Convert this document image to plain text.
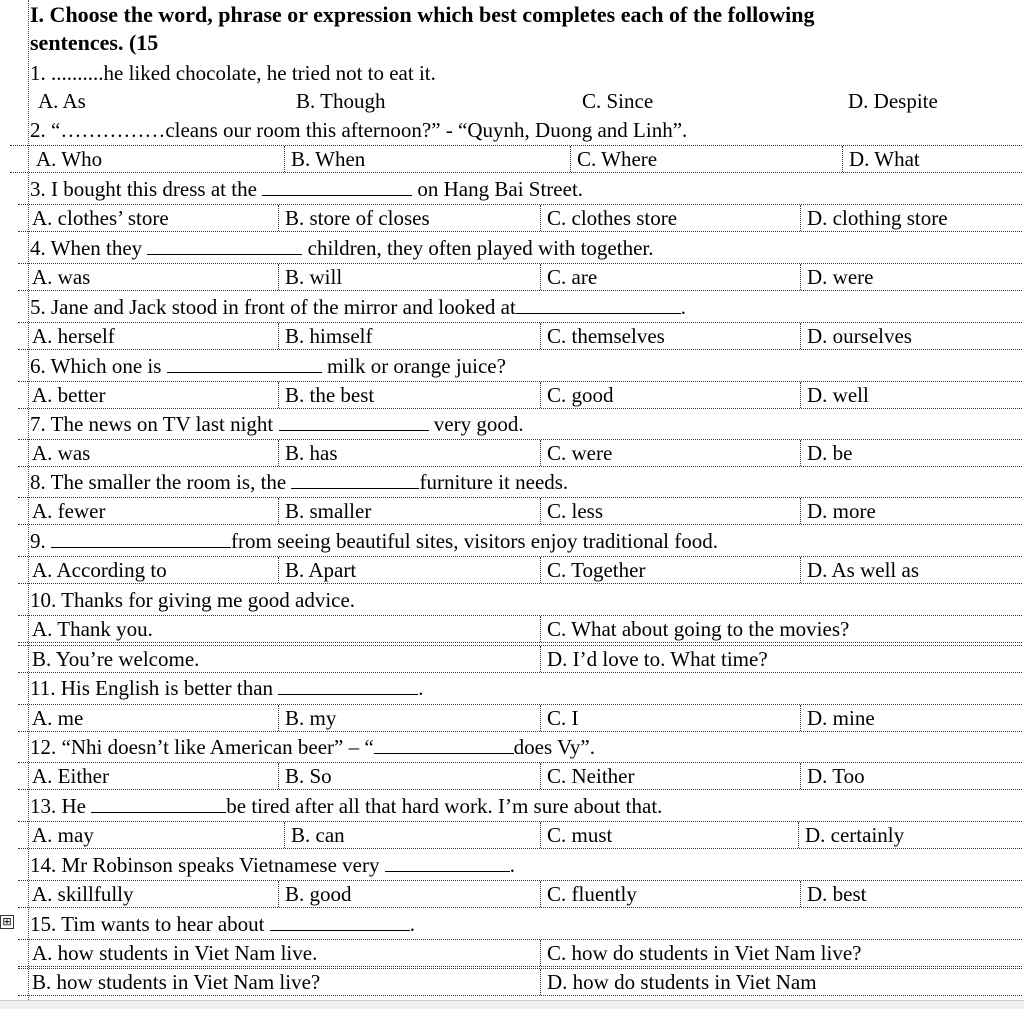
I. Choose the word, phrase or expression which best completes each of the following
sentences. (15
1. ..........he liked chocolate, he tried not to eat it.
A. As	B. Though	C. Since	D. Despite
2. “……………cleans our room this afternoon?” - “Quynh, Duong and Linh”.
A. Who	B. When	C. Where	D. What
3. I bought this dress at the	on Hang Bai Street.
A. clothes’ store	B. store of closes	C. clothes store	D. clothing store
4. When they	children, they often played with together.
A. was	B. will	C. are	D. were
5. Jane and Jack stood in front of the mirror and looked at	.
A. herself	B. himself	C. themselves	D. ourselves
6. Which one is	milk or orange juice?
A. better	B. the best	C. good	D. well
7. The news on TV last night	very good.
A. was	B. has	C. were	D. be
8. The smaller the room is, the	furniture it needs.
A. fewer	B. smaller	C. less	D. more
9.	from seeing beautiful sites, visitors enjoy traditional food.
A. According to	B. Apart	C. Together	D. As well as
10. Thanks for giving me good advice.
A. Thank you.	C. What about going to the movies?
B. You’re welcome.	D. I’d love to. What time?
11. His English is better than	.
A. me	B. my	C. I	D. mine
12. “Nhi doesn’t like American beer” – “	does Vy”.
A. Either	B. So	C. Neither	D. Too
13. He	be tired after all that hard work. I’m sure about that.
A. may	B. can	C. must	D. certainly
14. Mr Robinson speaks Vietnamese very	.
A. skillfully	B. good	C. fluently	D. best
⊞ 15. Tim wants to hear about	.
A. how students in Viet Nam live.	C. how do students in Viet Nam live?
B. how students in Viet Nam live?	D. how do students in Viet Nam
